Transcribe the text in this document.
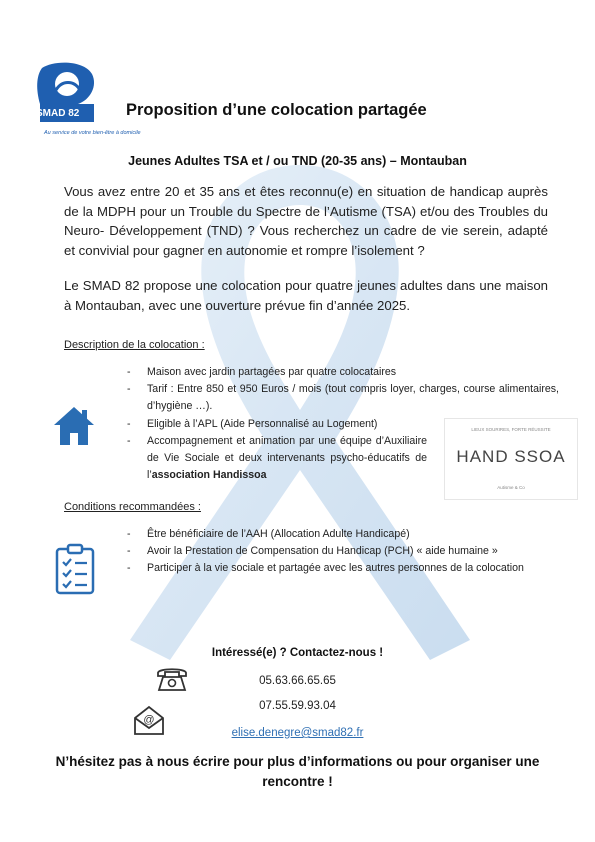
SMAD 82
Au service de votre bien-être à domicile
Proposition d’une colocation partagée
Jeunes Adultes TSA et / ou TND (20-35 ans) – Montauban
Vous avez entre 20 et 35 ans et êtes reconnu(e) en situation de handicap auprès de la MDPH pour un Trouble du Spectre de l’Autisme (TSA) et/ou des Troubles du Neuro- Développement (TND) ? Vous recherchez un cadre de vie serein, adapté et convivial pour gagner en autonomie et rompre l’isolement ?
Le SMAD 82 propose une colocation pour quatre jeunes adultes dans une maison à Montauban, avec une ouverture prévue fin d’année 2025.
Description de la colocation :
- Maison avec jardin partagées par quatre colocataires
- Tarif : Entre 850 et 950 Euros / mois (tout compris loyer, charges, course alimentaires, d’hygiène …).
- Eligible à l’APL (Aide Personnalisé au Logement)
- Accompagnement et animation par une équipe d’Auxiliaire de Vie Sociale et deux intervenants psycho-éducatifs de l’association Handissoa
LIEUX SOURIRES, FORTE RÉUSSITE
HAND SSOA
Autisme & Co
Conditions recommandées :
- Être bénéficiaire de l’AAH (Allocation Adulte Handicapé)
- Avoir la Prestation de Compensation du Handicap (PCH) « aide humaine »
- Participer à la vie sociale et partagée avec les autres personnes de la colocation
Intéressé(e) ? Contactez-nous !
05.63.66.65.65
07.55.59.93.04
@
elise.denegre@smad82.fr
N’hésitez pas à nous écrire pour plus d’informations ou pour organiser une rencontre !
